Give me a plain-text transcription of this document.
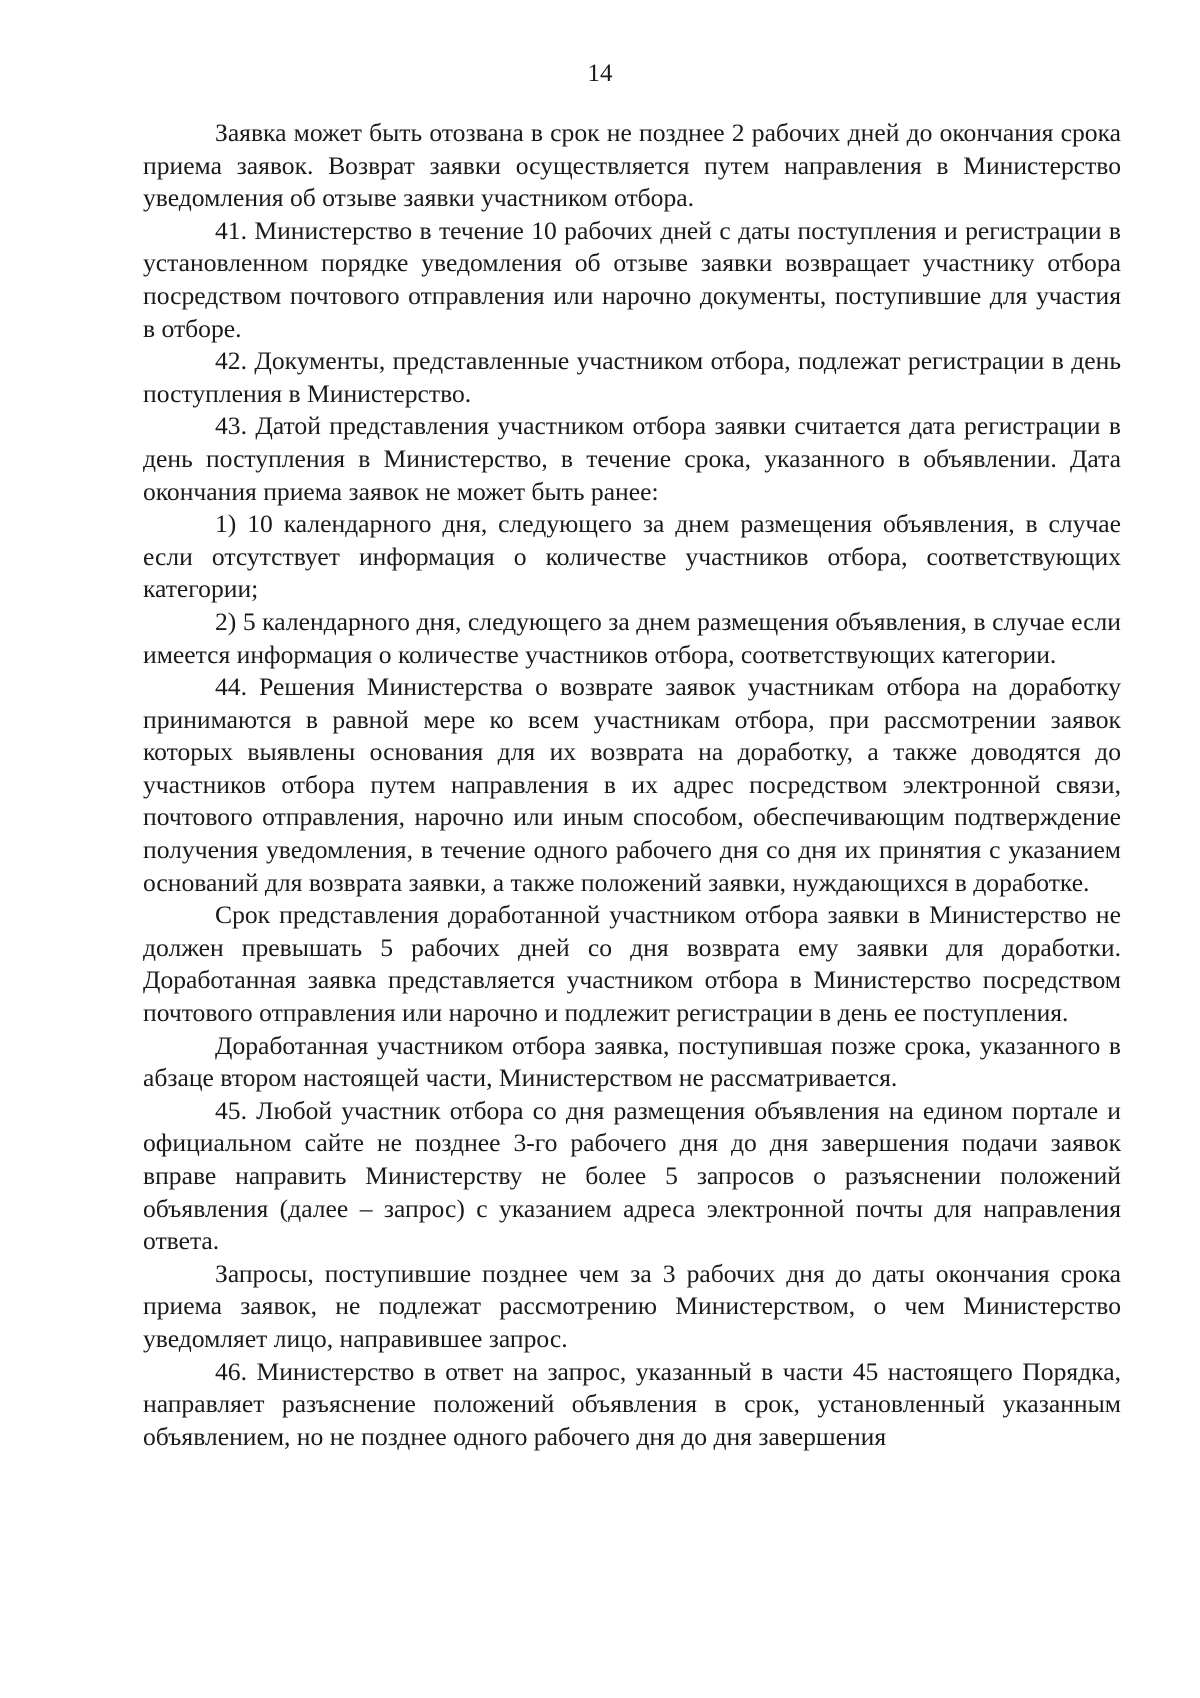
14

Заявка может быть отозвана в срок не позднее 2 рабочих дней до окончания срока приема заявок. Возврат заявки осуществляется путем направления в Министерство уведомления об отзыве заявки участником отбора.

41. Министерство в течение 10 рабочих дней с даты поступления и регистрации в установленном порядке уведомления об отзыве заявки возвращает участнику отбора посредством почтового отправления или нарочно документы, поступившие для участия в отборе.

42. Документы, представленные участником отбора, подлежат регистрации в день поступления в Министерство.

43. Датой представления участником отбора заявки считается дата регистрации в день поступления в Министерство, в течение срока, указанного в объявлении. Дата окончания приема заявок не может быть ранее:

1) 10 календарного дня, следующего за днем размещения объявления, в случае если отсутствует информация о количестве участников отбора, соответствующих категории;

2) 5 календарного дня, следующего за днем размещения объявления, в случае если имеется информация о количестве участников отбора, соответствующих категории.

44. Решения Министерства о возврате заявок участникам отбора на доработку принимаются в равной мере ко всем участникам отбора, при рассмотрении заявок которых выявлены основания для их возврата на доработку, а также доводятся до участников отбора путем направления в их адрес посредством электронной связи, почтового отправления, нарочно или иным способом, обеспечивающим подтверждение получения уведомления, в течение одного рабочего дня со дня их принятия с указанием оснований для возврата заявки, а также положений заявки, нуждающихся в доработке.

Срок представления доработанной участником отбора заявки в Министерство не должен превышать 5 рабочих дней со дня возврата ему заявки для доработки. Доработанная заявка представляется участником отбора в Министерство посредством почтового отправления или нарочно и подлежит регистрации в день ее поступления.

Доработанная участником отбора заявка, поступившая позже срока, указанного в абзаце втором настоящей части, Министерством не рассматривается.

45. Любой участник отбора со дня размещения объявления на едином портале и официальном сайте не позднее 3-го рабочего дня до дня завершения подачи заявок вправе направить Министерству не более 5 запросов о разъяснении положений объявления (далее – запрос) с указанием адреса электронной почты для направления ответа.

Запросы, поступившие позднее чем за 3 рабочих дня до даты окончания срока приема заявок, не подлежат рассмотрению Министерством, о чем Министерство уведомляет лицо, направившее запрос.

46. Министерство в ответ на запрос, указанный в части 45 настоящего Порядка, направляет разъяснение положений объявления в срок, установленный указанным объявлением, но не позднее одного рабочего дня до дня завершения
